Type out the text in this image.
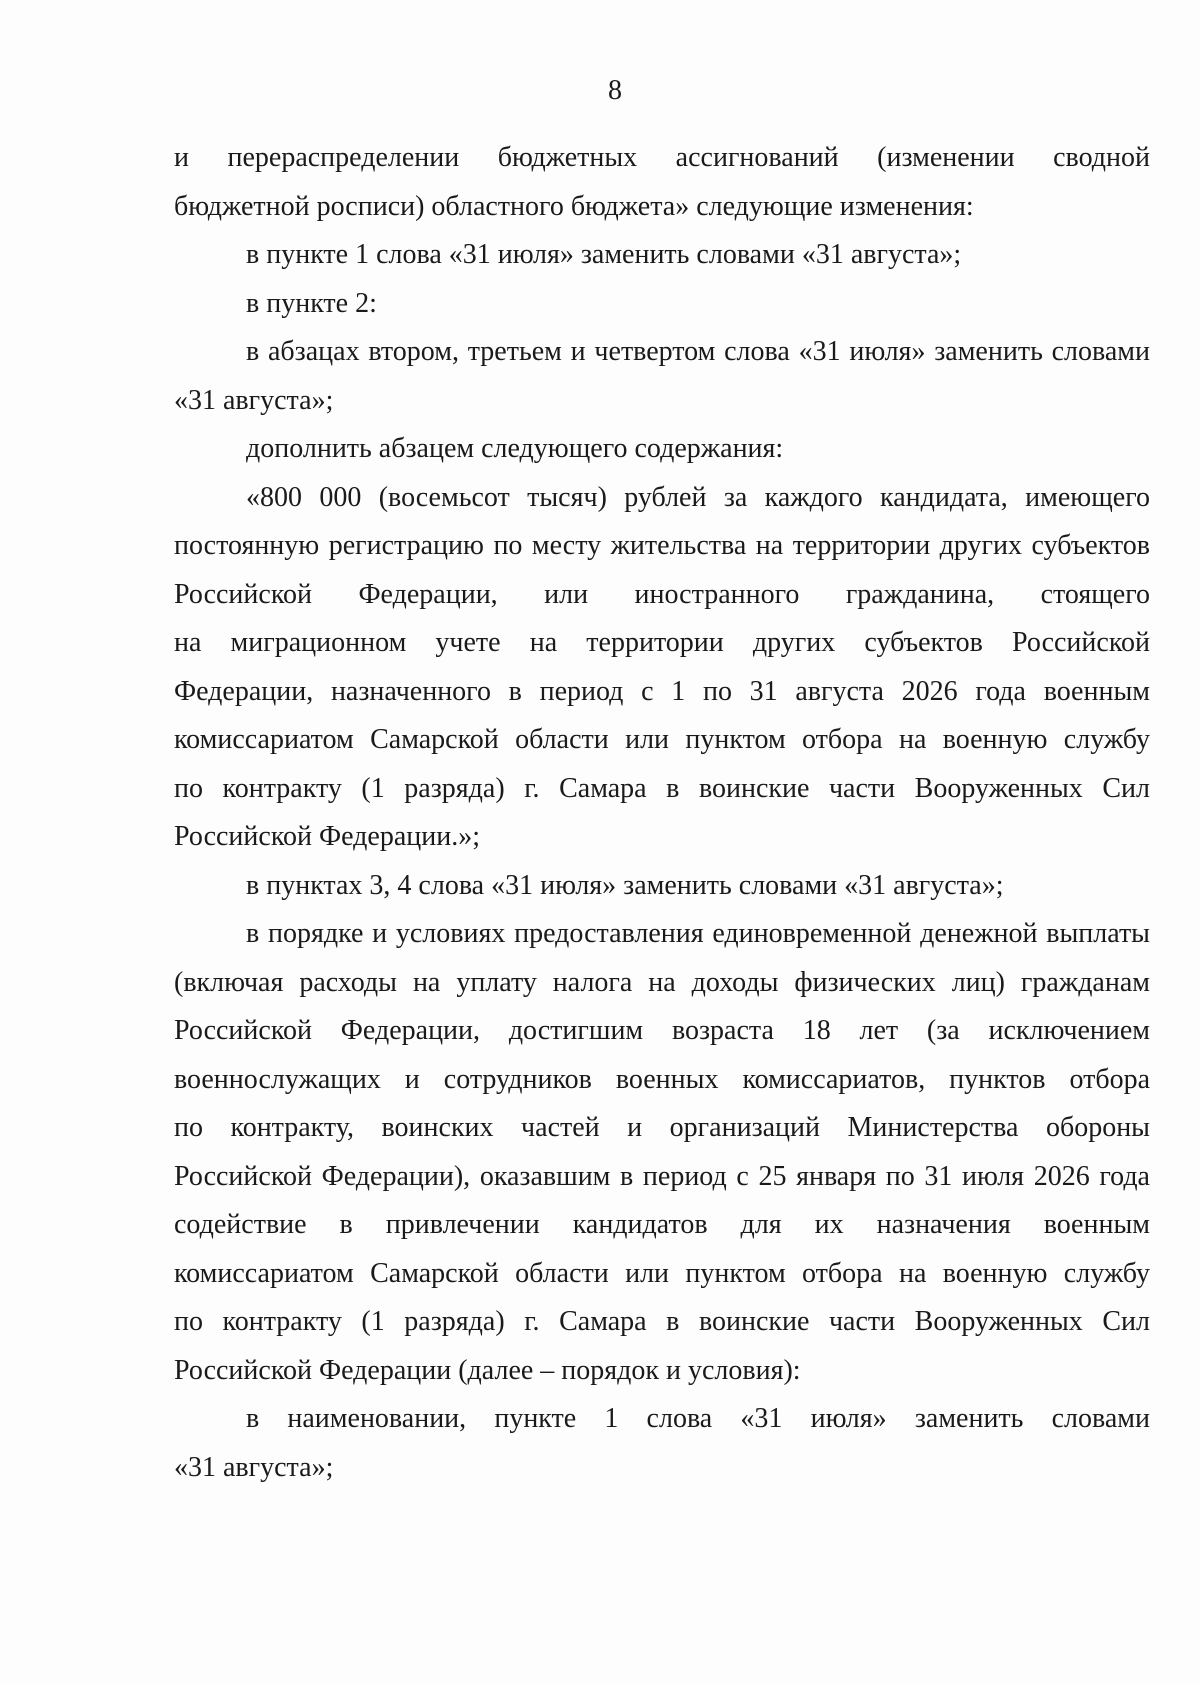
8
и перераспределении бюджетных ассигнований (изменении сводной
бюджетной росписи) областного бюджета» следующие изменения:
в пункте 1 слова «31 июля» заменить словами «31 августа»;
в пункте 2:
в абзацах втором, третьем и четвертом слова «31 июля» заменить словами
«31 августа»;
дополнить абзацем следующего содержания:
«800 000 (восемьсот тысяч) рублей за каждого кандидата, имеющего
постоянную регистрацию по месту жительства на территории других субъектов
Российской Федерации, или иностранного гражданина, стоящего
на миграционном учете на территории других субъектов Российской
Федерации, назначенного в период с 1 по 31 августа 2026 года военным
комиссариатом Самарской области или пунктом отбора на военную службу
по контракту (1 разряда) г. Самара в воинские части Вооруженных Сил
Российской Федерации.»;
в пунктах 3, 4 слова «31 июля» заменить словами «31 августа»;
в порядке и условиях предоставления единовременной денежной выплаты
(включая расходы на уплату налога на доходы физических лиц) гражданам
Российской Федерации, достигшим возраста 18 лет (за исключением
военнослужащих и сотрудников военных комиссариатов, пунктов отбора
по контракту, воинских частей и организаций Министерства обороны
Российской Федерации), оказавшим в период с 25 января по 31 июля 2026 года
содействие в привлечении кандидатов для их назначения военным
комиссариатом Самарской области или пунктом отбора на военную службу
по контракту (1 разряда) г. Самара в воинские части Вооруженных Сил
Российской Федерации (далее – порядок и условия):
в наименовании, пункте 1 слова «31 июля» заменить словами
«31 августа»;
